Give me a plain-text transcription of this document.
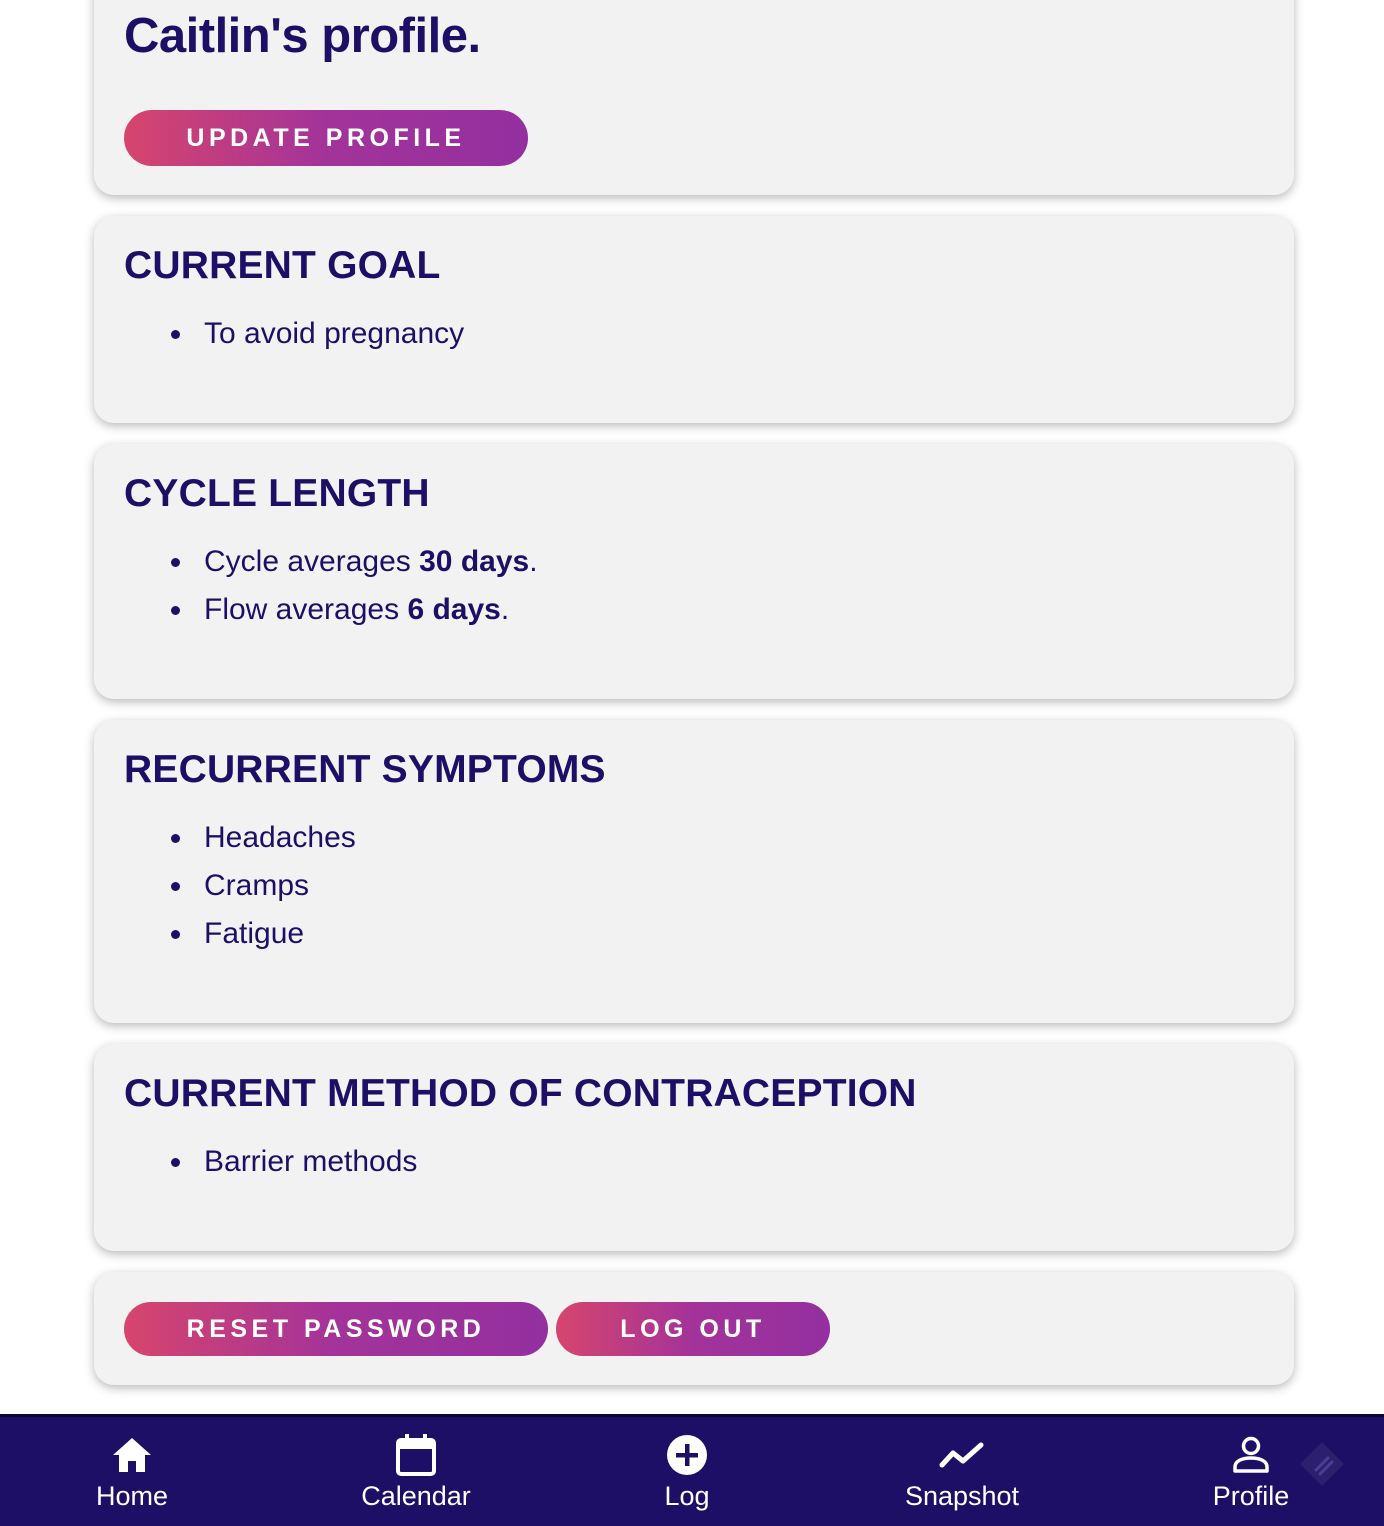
Caitlin's profile.
UPDATE PROFILE
CURRENT GOAL
To avoid pregnancy
CYCLE LENGTH
Cycle averages 30 days.
Flow averages 6 days.
RECURRENT SYMPTOMS
Headaches
Cramps
Fatigue
CURRENT METHOD OF CONTRACEPTION
Barrier methods
RESET PASSWORD	LOG OUT
Home	Calendar	Log	Snapshot	Profile
